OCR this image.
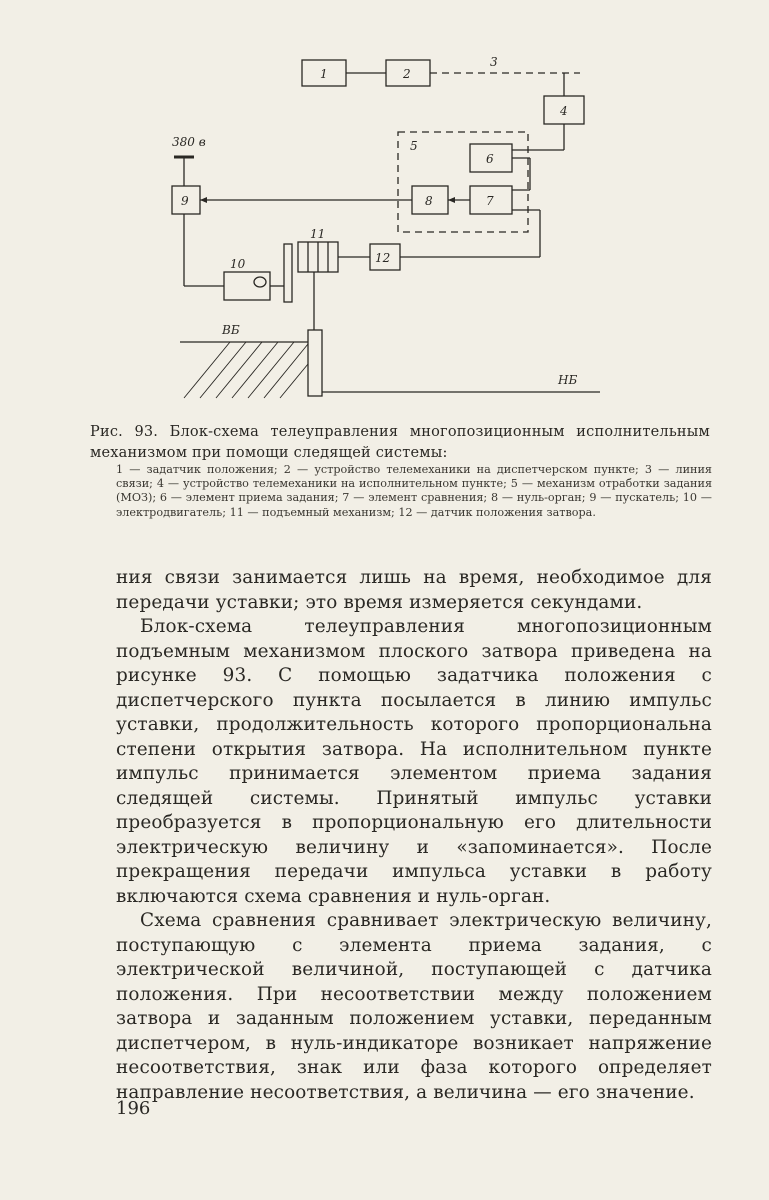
1	2
3
4
5
6
7
8
380 в
9
10
11
12
ВБ
НБ
Рис. 93. Блок-схема телеуправления многопозиционным исполнительным механизмом при помощи следящей системы:
1 — задатчик положения; 2 — устройство телемеханики на диспетчерском пункте; 3 — линия связи; 4 — устройство телемеханики на исполнительном пункте; 5 — механизм отработки задания (МОЗ); 6 — элемент приема задания; 7 — элемент сравнения; 8 — нуль-орган; 9 — пускатель; 10 — электродвигатель; 11 — подъемный механизм; 12 — датчик положения затвора.

ния связи занимается лишь на время, необходимое для передачи уставки; это время измеряется секундами.

Блок-схема телеуправления многопозиционным подъемным механизмом плоского затвора приведена на рисунке 93. С помощью задатчика положения с диспетчерского пункта посылается в линию импульс уставки, продолжительность которого пропорциональна степени открытия затвора. На исполнительном пункте импульс принимается элементом приема задания следящей системы. Принятый импульс уставки преобразуется в пропорциональную его длительности электрическую величину и «запоминается». После прекращения передачи импульса уставки в работу включаются схема сравнения и нуль-орган.

Схема сравнения сравнивает электрическую величину, поступающую с элемента приема задания, с электрической величиной, поступающей с датчика положения. При несоответствии между положением затвора и заданным положением уставки, переданным диспетчером, в нуль-индикаторе возникает напряжение несоответствия, знак или фаза которого определяет направление несоответствия, а величина — его значение.

196
